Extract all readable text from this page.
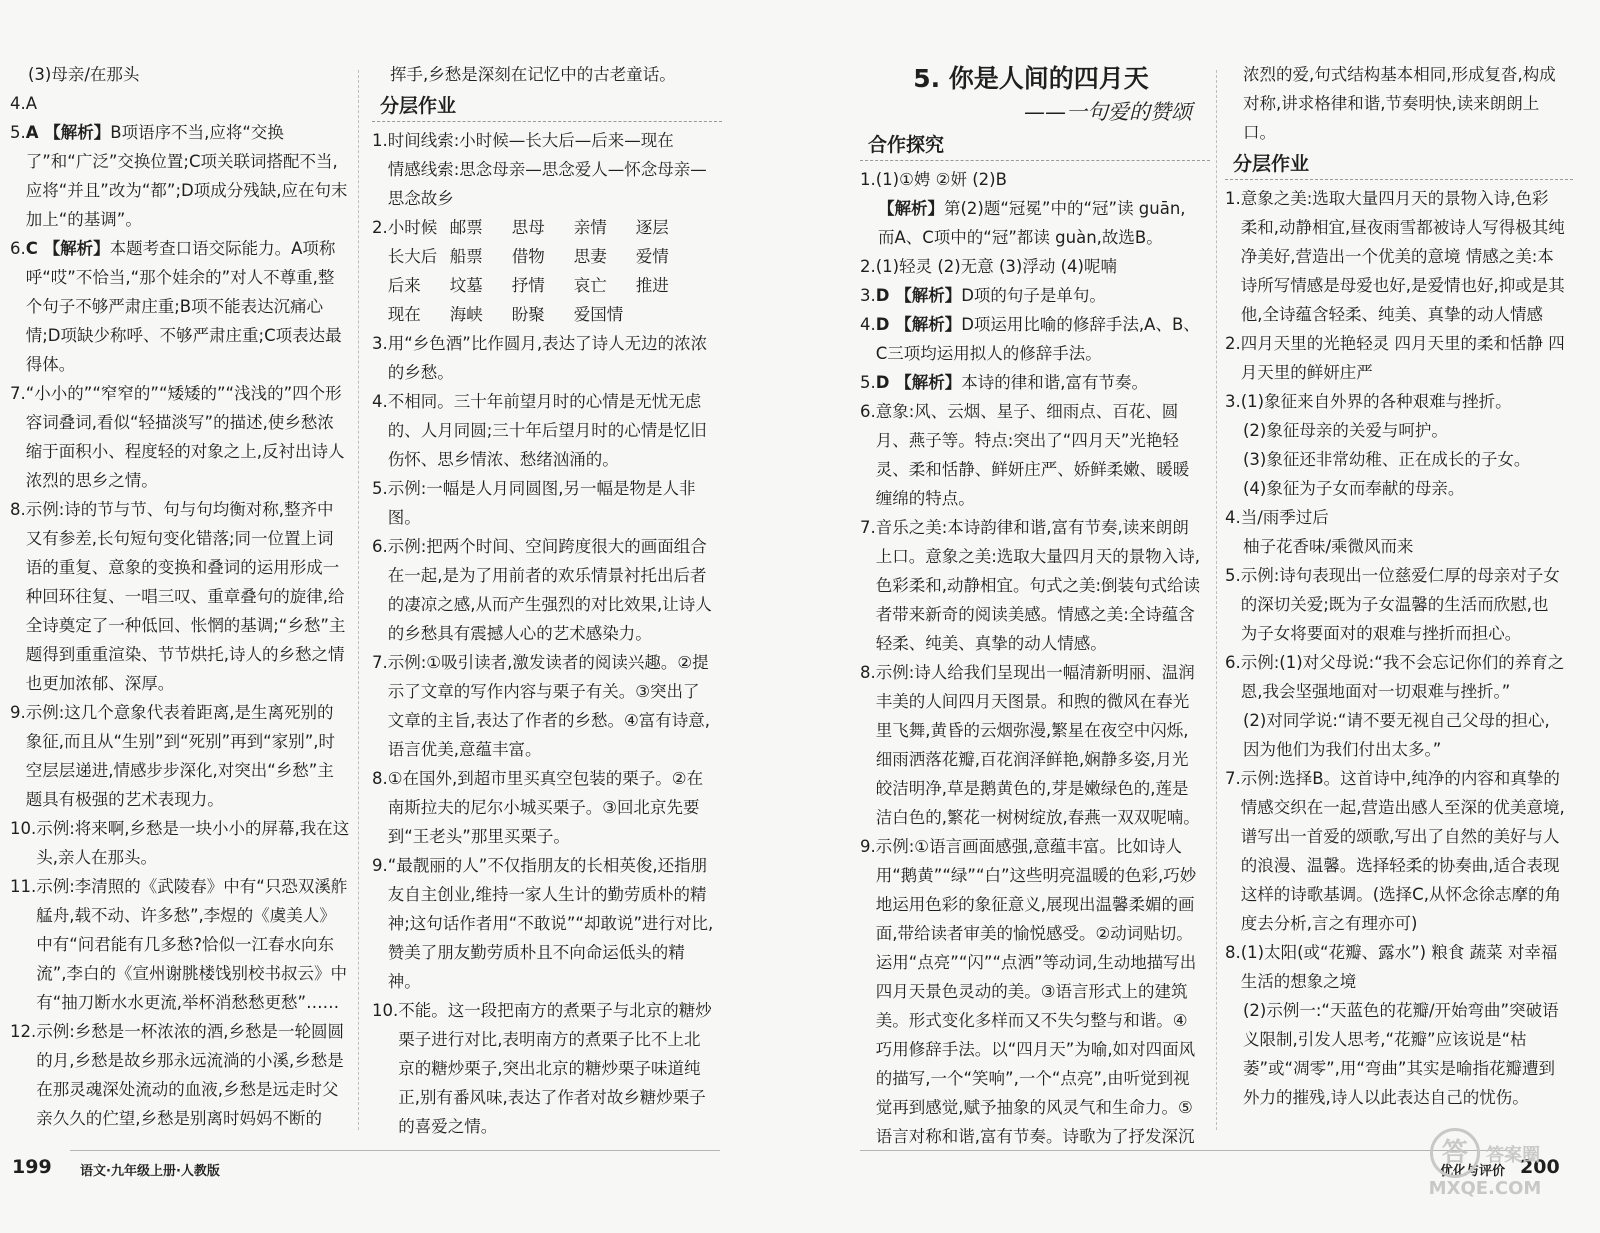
(3)母亲/在那头
4. A
5. A 【解析】B项语序不当,应将“交换了”和“广泛”交换位置;C项关联词搭配不当,应将“并且”改为“都”;D项成分残缺,应在句末加上“的基调”。
6. C 【解析】本题考查口语交际能力。A项称呼“哎”不恰当,“那个娃余的”对人不尊重,整个句子不够严肃庄重;B项不能表达沉痛心情;D项缺少称呼、不够严肃庄重;C项表达最得体。
7. “小小的”“窄窄的”“矮矮的”“浅浅的”四个形容词叠词,看似“轻描淡写”的描述,使乡愁浓缩于面积小、程度轻的对象之上,反衬出诗人浓烈的思乡之情。
8. 示例:诗的节与节、句与句均衡对称,整齐中又有参差,长句短句变化错落;同一位置上词语的重复、意象的变换和叠词的运用形成一种回环往复、一唱三叹、重章叠句的旋律,给全诗奠定了一种低回、怅惘的基调;“乡愁”主题得到重重渲染、节节烘托,诗人的乡愁之情也更加浓郁、深厚。
9. 示例:这几个意象代表着距离,是生离死别的象征,而且从“生别”到“死别”再到“家别”,时空层层递进,情感步步深化,对突出“乡愁”主题具有极强的艺术表现力。
10. 示例:将来啊,乡愁是一块小小的屏幕,我在这头,亲人在那头。
11. 示例:李清照的《武陵春》中有“只恐双溪舴艋舟,载不动、许多愁”,李煜的《虞美人》中有“问君能有几多愁?恰似一江春水向东流”,李白的《宣州谢朓楼饯别校书叔云》中有“抽刀断水水更流,举杯消愁愁更愁”……
12. 示例:乡愁是一杯浓浓的酒,乡愁是一轮圆圆的月,乡愁是故乡那永远流淌的小溪,乡愁是在那灵魂深处流动的血液,乡愁是远走时父亲久久的伫望,乡愁是别离时妈妈不断的
挥手,乡愁是深刻在记忆中的古老童话。
分层作业
1. 时间线索:小时候—长大后—后来—现在
情感线索:思念母亲—思念爱人—怀念母亲—思念故乡
2. 小时候 邮票	思母	亲情	逐层
长大后 船票	借物	思妻	爱情
后来	坟墓	抒情	哀亡	推进
现在	海峡	盼聚	爱国情
3. 用“乡色酒”比作圆月,表达了诗人无边的浓浓的乡愁。
4. 不相同。三十年前望月时的心情是无忧无虑的、人月同圆;三十年后望月时的心情是忆旧伤怀、思乡情浓、愁绪汹涌的。
5. 示例:一幅是人月同圆图,另一幅是物是人非图。
6. 示例:把两个时间、空间跨度很大的画面组合在一起,是为了用前者的欢乐情景衬托出后者的凄凉之感,从而产生强烈的对比效果,让诗人的乡愁具有震撼人心的艺术感染力。
7. 示例:①吸引读者,激发读者的阅读兴趣。②提示了文章的写作内容与栗子有关。③突出了文章的主旨,表达了作者的乡愁。④富有诗意,语言优美,意蕴丰富。
8. ①在国外,到超市里买真空包装的栗子。②在南斯拉夫的尼尔小城买栗子。③回北京先要到“王老头”那里买栗子。
9. “最靓丽的人”不仅指朋友的长相英俊,还指朋友自主创业,维持一家人生计的勤劳质朴的精神;这句话作者用“不敢说”“却敢说”进行对比,赞美了朋友勤劳质朴且不向命运低头的精神。
10. 不能。这一段把南方的煮栗子与北京的糖炒栗子进行对比,表明南方的煮栗子比不上北京的糖炒栗子,突出北京的糖炒栗子味道纯正,别有番风味,表达了作者对故乡糖炒栗子的喜爱之情。
199 语文·九年级上册·人教版
5. 你是人间的四月天
——一句爱的赞颂
合作探究
1. (1)①娉 ②妍 (2)B
【解析】第(2)题“冠冕”中的“冠”读 guān,而A、C项中的“冠”都读 guàn,故选B。
2. (1)轻灵 (2)无意 (3)浮动 (4)呢喃
3. D 【解析】D项的句子是单句。
4. D 【解析】D项运用比喻的修辞手法,A、B、C三项均运用拟人的修辞手法。
5. D 【解析】本诗的律和谐,富有节奏。
6. 意象:风、云烟、星子、细雨点、百花、圆月、燕子等。特点:突出了“四月天”光艳轻灵、柔和恬静、鲜妍庄严、娇鲜柔嫩、暖暖缠绵的特点。
7. 音乐之美:本诗韵律和谐,富有节奏,读来朗朗上口。意象之美:选取大量四月天的景物入诗,色彩柔和,动静相宜。句式之美:倒装句式给读者带来新奇的阅读美感。情感之美:全诗蕴含轻柔、纯美、真挚的动人情感。
8. 示例:诗人给我们呈现出一幅清新明丽、温润丰美的人间四月天图景。和煦的微风在春光里飞舞,黄昏的云烟弥漫,繁星在夜空中闪烁,细雨洒落花瓣,百花润泽鲜艳,娴静多姿,月光皎洁明净,草是鹅黄色的,芽是嫩绿色的,莲是洁白色的,繁花一树树绽放,春燕一双双呢喃。
9. 示例:①语言画面感强,意蕴丰富。比如诗人用“鹅黄”“绿”“白”这些明亮温暖的色彩,巧妙地运用色彩的象征意义,展现出温馨柔媚的画面,带给读者审美的愉悦感受。②动词贴切。运用“点亮”“闪”“点洒”等动词,生动地描写出四月天景色灵动的美。③语言形式上的建筑美。形式变化多样而又不失匀整与和谐。④巧用修辞手法。以“四月天”为喻,如对四面风的描写,一个“笑响”,一个“点亮”,由听觉到视觉再到感觉,赋予抽象的风灵气和生命力。⑤语言对称和谐,富有节奏。诗歌为了抒发深沉
浓烈的爱,句式结构基本相同,形成复沓,构成对称,讲求格律和谐,节奏明快,读来朗朗上口。
分层作业
1. 意象之美:选取大量四月天的景物入诗,色彩柔和,动静相宜,昼夜雨雪都被诗人写得极其纯净美好,营造出一个优美的意境 情感之美:本诗所写情感是母爱也好,是爱情也好,抑或是其他,全诗蕴含轻柔、纯美、真挚的动人情感
2. 四月天里的光艳轻灵 四月天里的柔和恬静 四月天里的鲜妍庄严
3. (1)象征来自外界的各种艰难与挫折。
(2)象征母亲的关爱与呵护。
(3)象征还非常幼稚、正在成长的子女。
(4)象征为子女而奉献的母亲。
4. 当/雨季过后
柚子花香味/乘微风而来
5. 示例:诗句表现出一位慈爱仁厚的母亲对子女的深切关爱;既为子女温馨的生活而欣慰,也为子女将要面对的艰难与挫折而担心。
6. 示例:(1)对父母说:“我不会忘记你们的养育之恩,我会坚强地面对一切艰难与挫折。”
(2)对同学说:“请不要无视自己父母的担心,因为他们为我们付出太多。”
7. 示例:选择B。这首诗中,纯净的内容和真挚的情感交织在一起,营造出感人至深的优美意境,谱写出一首爱的颂歌,写出了自然的美好与人的浪漫、温馨。选择轻柔的协奏曲,适合表现这样的诗歌基调。(选择C,从怀念徐志摩的角度去分析,言之有理亦可)
8. (1)太阳(或“花瓣、露水”) 粮食 蔬菜 对幸福生活的想象之境
(2)示例一:“天蓝色的花瓣/开始弯曲”突破语义限制,引发人思考,“花瓣”应该说是“枯萎”或“凋零”,用“弯曲”其实是喻指花瓣遭到外力的摧残,诗人以此表达自己的忧伤。
优化与评价 200
答 答案圈
MXQE.COM
